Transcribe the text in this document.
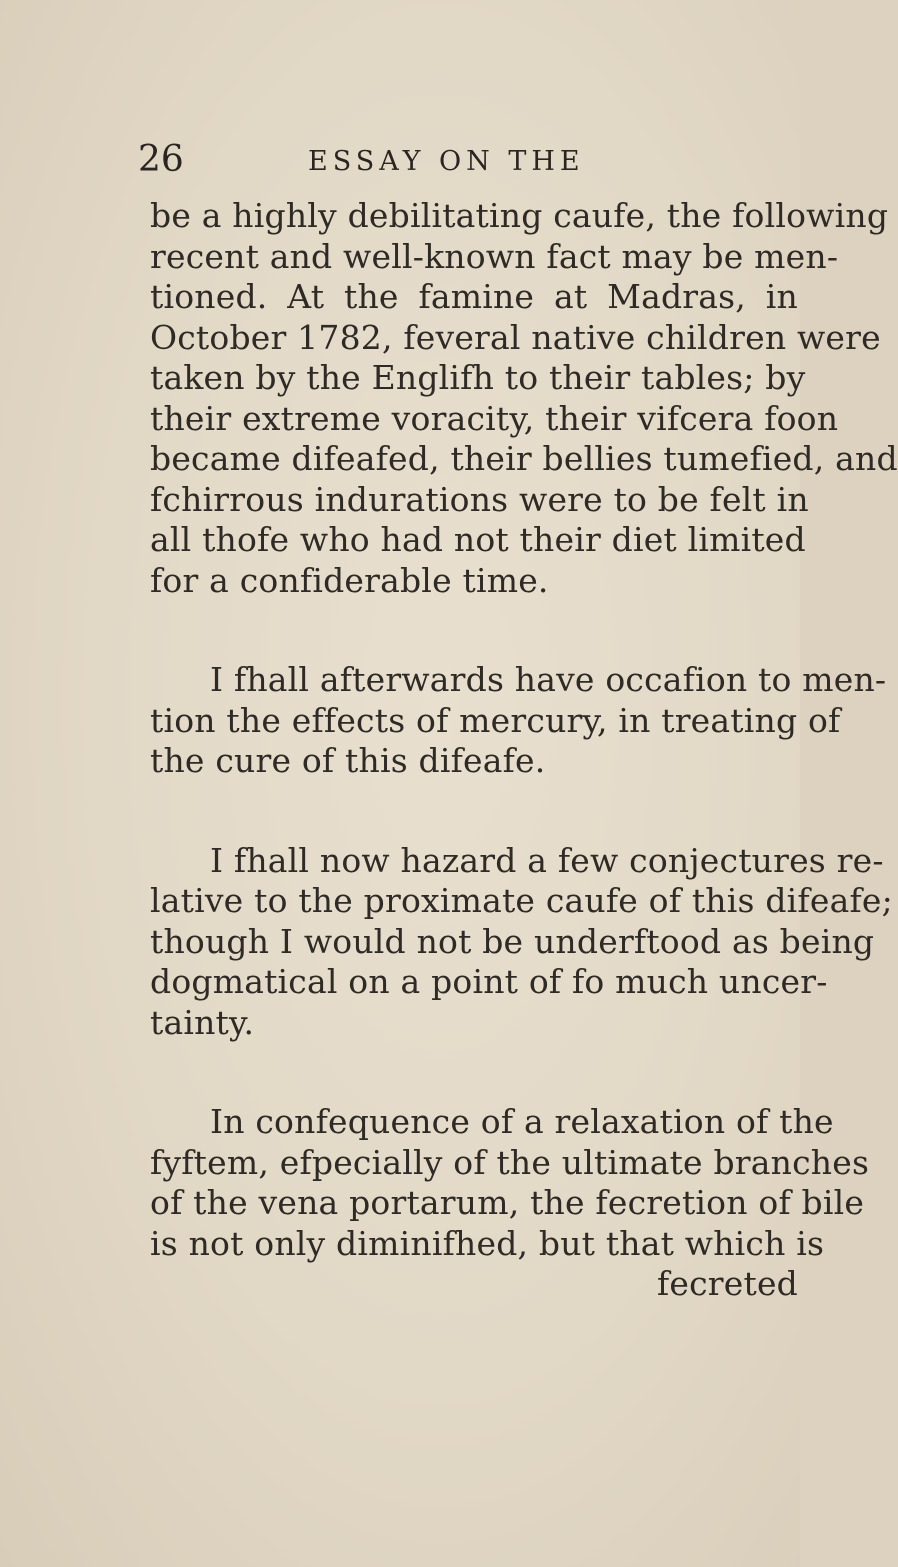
26	ESSAY ON THE
be a highly debilitating caufe, the following
recent and well-known fact may be men-
tioned. At the famine at Madras, in
October 1782, feveral native children were
taken by the Englifh to their tables; by
their extreme voracity, their vifcera foon
became difeafed, their bellies tumefied, and
fchirrous indurations were to be felt in
all thofe who had not their diet limited
for a confiderable time.
I fhall afterwards have occafion to men-
tion the effects of mercury, in treating of
the cure of this difeafe.
I fhall now hazard a few conjectures re-
lative to the proximate caufe of this difeafe;
though I would not be underftood as being
dogmatical on a point of fo much uncer-
tainty.
In confequence of a relaxation of the
fyftem, efpecially of the ultimate branches
of the vena portarum, the fecretion of bile
is not only diminifhed, but that which is
fecreted
